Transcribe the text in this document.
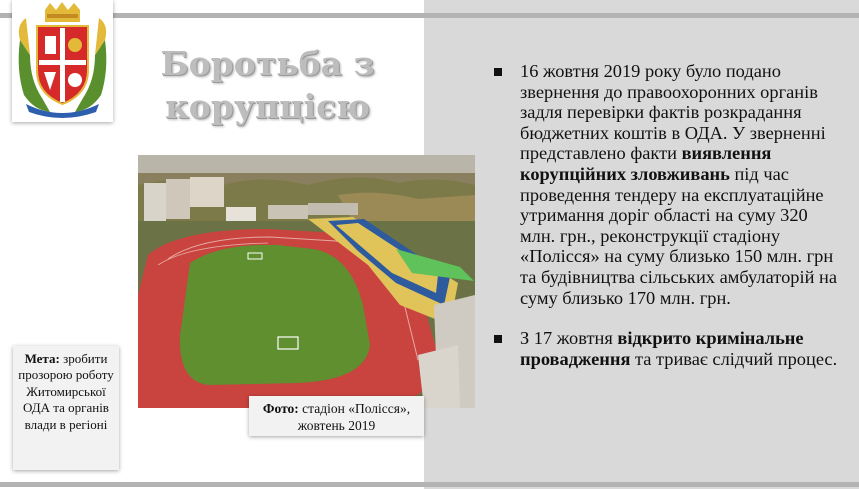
Боротьба з корупцією
Фото: стадіон «Полісся», жовтень 2019
Мета: зробити прозорою роботу Житомирської ОДА та органів влади в регіоні
16 жовтня 2019 року було подано звернення до правоохоронних органів задля перевірки фактів розкрадання бюджетних коштів в ОДА. У зверненні представлено факти виявлення корупційних зловживань під час проведення тендеру на експлуатаційне утримання доріг області на суму 320 млн. грн., реконструкції стадіону «Полісся» на суму близько 150 млн. грн та будівництва сільських амбулаторій на суму близько 170 млн. грн.
З 17 жовтня відкрито кримінальне провадження та триває слідчий процес.
